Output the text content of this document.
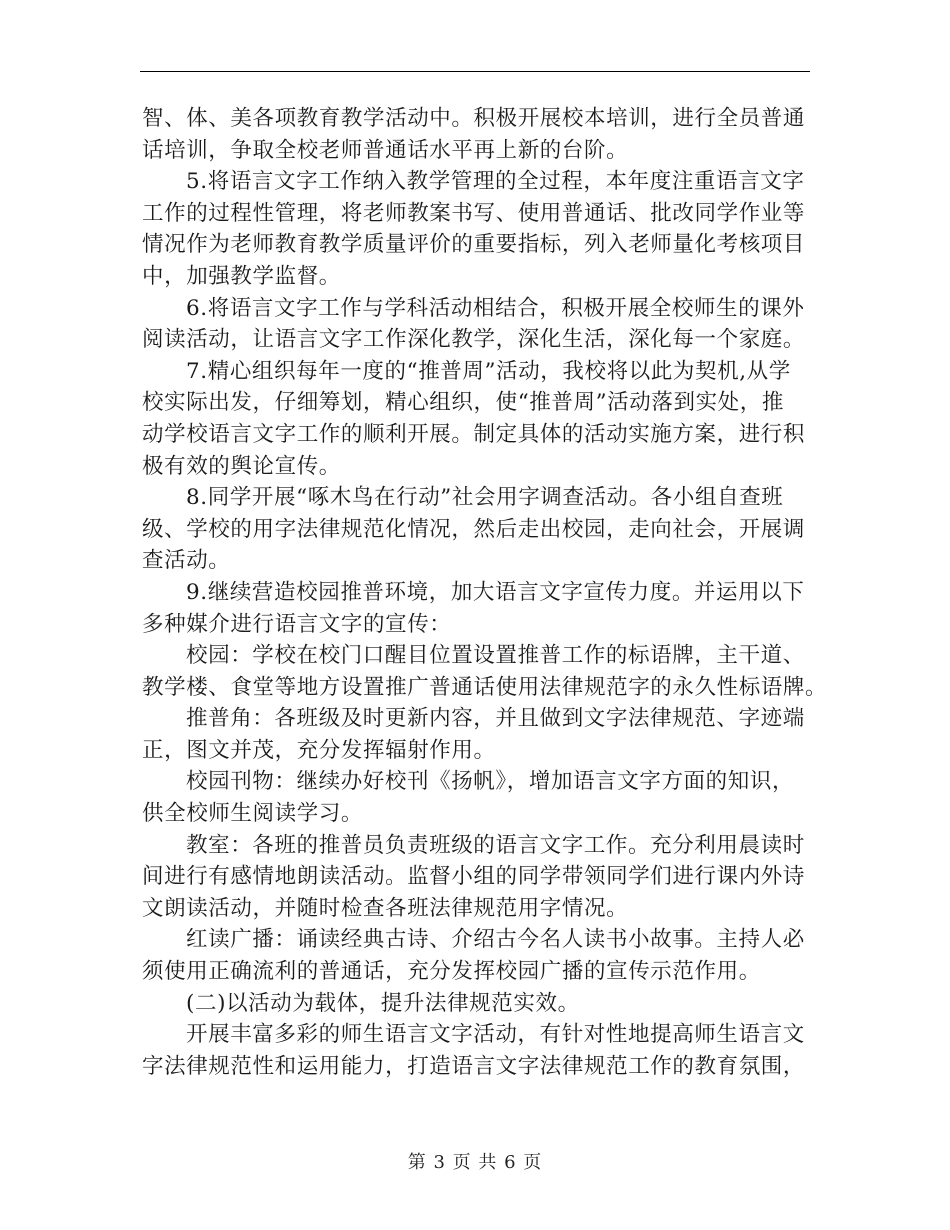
智、体、美各项教育教学活动中。积极开展校本培训，进行全员普通
话培训，争取全校老师普通话水平再上新的台阶。
5.将语言文字工作纳入教学管理的全过程，本年度注重语言文字
工作的过程性管理，将老师教案书写、使用普通话、批改同学作业等
情况作为老师教育教学质量评价的重要指标，列入老师量化考核项目
中，加强教学监督。
6.将语言文字工作与学科活动相结合，积极开展全校师生的课外
阅读活动，让语言文字工作深化教学，深化生活，深化每一个家庭。
7.精心组织每年一度的“推普周”活动，我校将以此为契机,从学
校实际出发，仔细筹划，精心组织，使“推普周”活动落到实处，推
动学校语言文字工作的顺利开展。制定具体的活动实施方案，进行积
极有效的舆论宣传。
8.同学开展“啄木鸟在行动”社会用字调查活动。各小组自查班
级、学校的用字法律规范化情况，然后走出校园，走向社会，开展调
查活动。
9.继续营造校园推普环境，加大语言文字宣传力度。并运用以下
多种媒介进行语言文字的宣传：
校园：学校在校门口醒目位置设置推普工作的标语牌，主干道、
教学楼、食堂等地方设置推广普通话使用法律规范字的永久性标语牌。
推普角：各班级及时更新内容，并且做到文字法律规范、字迹端
正，图文并茂，充分发挥辐射作用。
校园刊物：继续办好校刊《扬帆》，增加语言文字方面的知识，
供全校师生阅读学习。
教室：各班的推普员负责班级的语言文字工作。充分利用晨读时
间进行有感情地朗读活动。监督小组的同学带领同学们进行课内外诗
文朗读活动，并随时检查各班法律规范用字情况。
红读广播：诵读经典古诗、介绍古今名人读书小故事。主持人必
须使用正确流利的普通话，充分发挥校园广播的宣传示范作用。
(二)以活动为载体，提升法律规范实效。
开展丰富多彩的师生语言文字活动，有针对性地提高师生语言文
字法律规范性和运用能力，打造语言文字法律规范工作的教育氛围，
第 3 页 共 6 页
